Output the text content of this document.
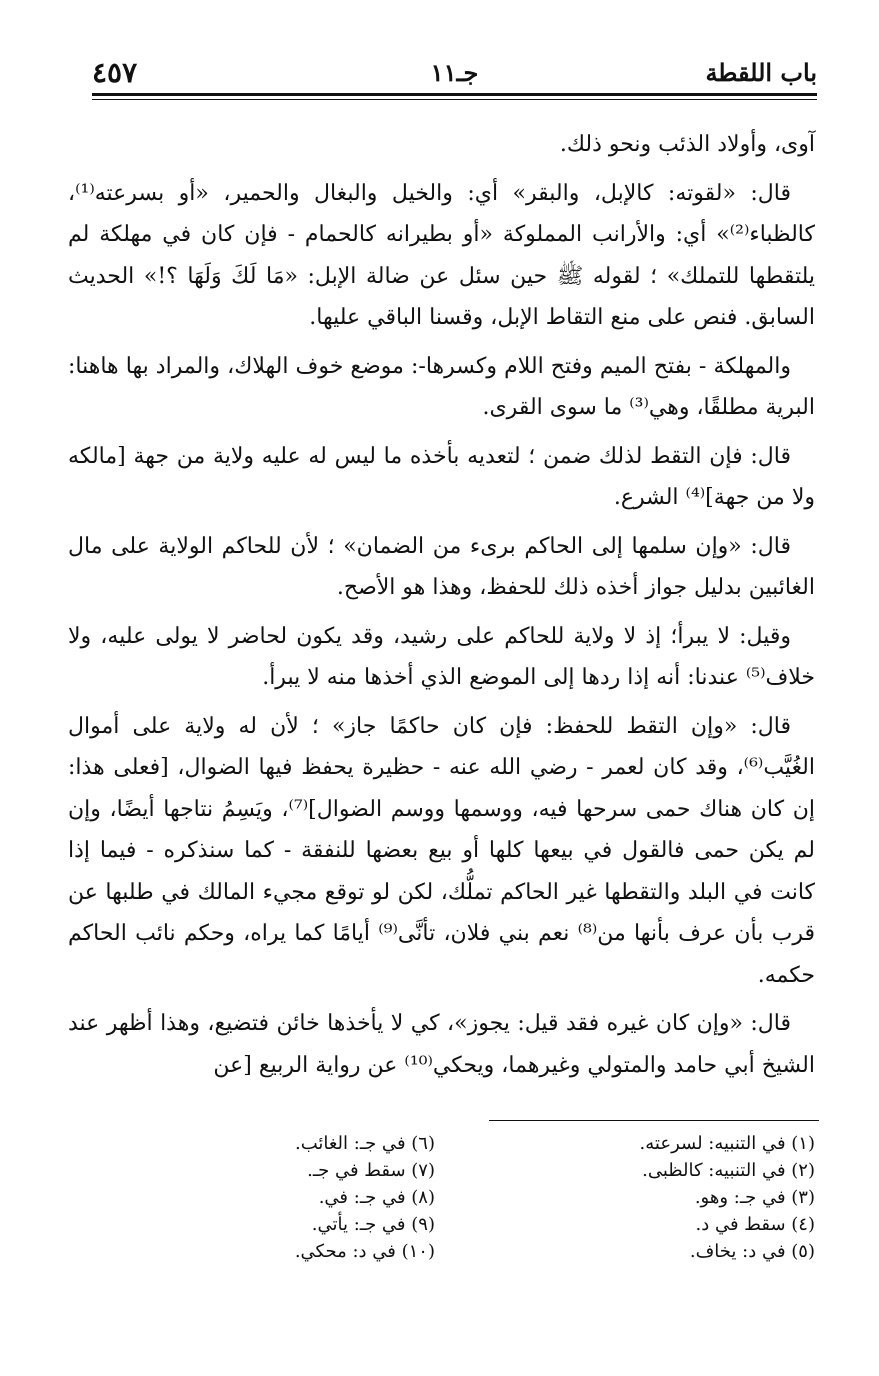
باب اللقطة
جـ١١
٤٥٧

آوى، وأولاد الذئب ونحو ذلك.

قال: «لقوته: كالإبل، والبقر» أي: والخيل والبغال والحمير، «أو بسرعته⁽¹⁾، كالظباء⁽²⁾» أي: والأرانب المملوكة «أو بطيرانه كالحمام - فإن كان في مهلكة لم يلتقطها للتملك» ؛ لقوله ﷺ حين سئل عن ضالة الإبل: «مَا لَكَ وَلَهَا ؟!» الحديث السابق. فنص على منع التقاط الإبل، وقسنا الباقي عليها.

والمهلكة - بفتح الميم وفتح اللام وكسرها-: موضع خوف الهلاك، والمراد بها هاهنا: البرية مطلقًا، وهي⁽³⁾ ما سوى القرى.

قال: فإن التقط لذلك ضمن ؛ لتعديه بأخذه ما ليس له عليه ولاية من جهة [مالكه ولا من جهة]⁽⁴⁾ الشرع.

قال: «وإن سلمها إلى الحاكم برىء من الضمان» ؛ لأن للحاكم الولاية على مال الغائبين بدليل جواز أخذه ذلك للحفظ، وهذا هو الأصح.

وقيل: لا يبرأ؛ إذ لا ولاية للحاكم على رشيد، وقد يكون لحاضر لا يولى عليه، ولا خلاف⁽⁵⁾ عندنا: أنه إذا ردها إلى الموضع الذي أخذها منه لا يبرأ.

قال: «وإن التقط للحفظ: فإن كان حاكمًا جاز» ؛ لأن له ولاية على أموال الغُيَّب⁽⁶⁾، وقد كان لعمر - رضي الله عنه - حظيرة يحفظ فيها الضوال، [فعلى هذا: إن كان هناك حمى سرحها فيه، ووسمها ووسم الضوال]⁽⁷⁾، ويَسِمُ نتاجها أيضًا، وإن لم يكن حمى فالقول في بيعها كلها أو بيع بعضها للنفقة - كما سنذكره - فيما إذا كانت في البلد والتقطها غير الحاكم تملُّك، لكن لو توقع مجيء المالك في طلبها عن قرب بأن عرف بأنها من⁽⁸⁾ نعم بني فلان، تأنَّى⁽⁹⁾ أيامًا كما يراه، وحكم نائب الحاكم حكمه.

قال: «وإن كان غيره فقد قيل: يجوز»، كي لا يأخذها خائن فتضيع، وهذا أظهر عند الشيخ أبي حامد والمتولي وغيرهما، ويحكي⁽¹⁰⁾ عن رواية الربيع [عن

(١) في التنبيه: لسرعته.
(٢) في التنبيه: كالظبى.
(٣) في جـ: وهو.
(٤) سقط في د.
(٥) في د: يخاف.
(٦) في جـ: الغائب.
(٧) سقط في جـ.
(٨) في جـ: في.
(٩) في جـ: يأتي.
(١٠) في د: محكي.
